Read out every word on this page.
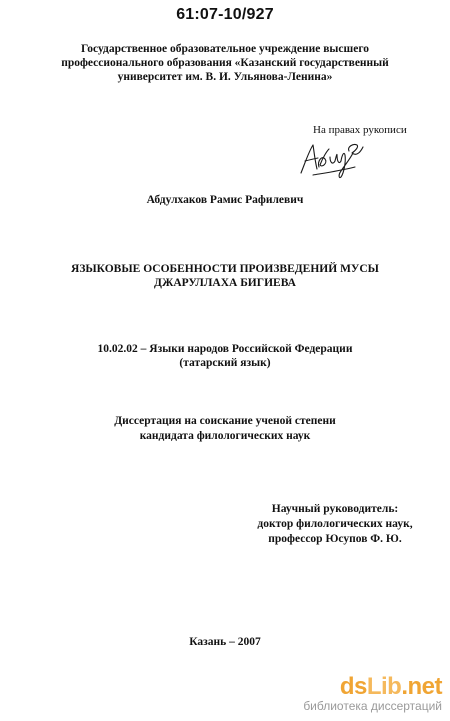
61:07-10/927
Государственное образовательное учреждение высшего
профессионального образования «Казанский государственный
университет им. В. И. Ульянова-Ленина»
На правах рукописи
Абдулхаков Рамис Рафилевич
ЯЗЫКОВЫЕ ОСОБЕННОСТИ ПРОИЗВЕДЕНИЙ МУСЫ
ДЖАРУЛЛАХА БИГИЕВА
10.02.02 – Языки народов Российской Федерации
(татарский язык)
Диссертация на соискание ученой степени
кандидата филологических наук
Научный руководитель:
доктор филологических наук,
профессор Юсупов Ф. Ю.
Казань – 2007
dsLib.net
библиотека диссертаций
